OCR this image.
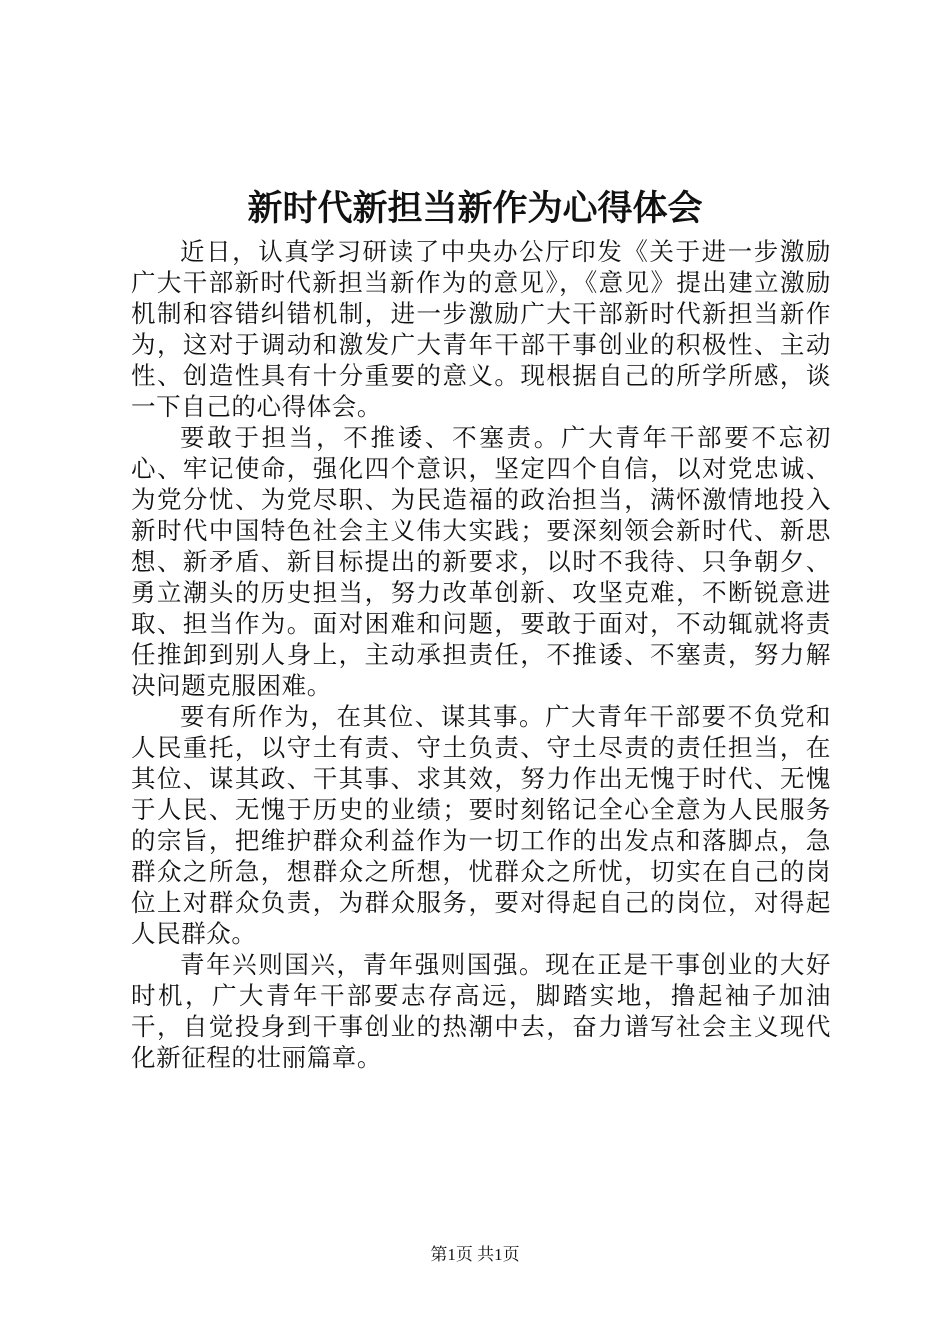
新时代新担当新作为心得体会

近日，认真学习研读了中央办公厅印发《关于进一步激励广大干部新时代新担当新作为的意见》，《意见》提出建立激励机制和容错纠错机制，进一步激励广大干部新时代新担当新作为，这对于调动和激发广大青年干部干事创业的积极性、主动性、创造性具有十分重要的意义。现根据自己的所学所感，谈一下自己的心得体会。

要敢于担当，不推诿、不塞责。广大青年干部要不忘初心、牢记使命，强化四个意识，坚定四个自信，以对党忠诚、为党分忧、为党尽职、为民造福的政治担当，满怀激情地投入新时代中国特色社会主义伟大实践；要深刻领会新时代、新思想、新矛盾、新目标提出的新要求，以时不我待、只争朝夕、勇立潮头的历史担当，努力改革创新、攻坚克难，不断锐意进取、担当作为。面对困难和问题，要敢于面对，不动辄就将责任推卸到别人身上，主动承担责任，不推诿、不塞责，努力解决问题克服困难。

要有所作为，在其位、谋其事。广大青年干部要不负党和人民重托，以守土有责、守土负责、守土尽责的责任担当，在其位、谋其政、干其事、求其效，努力作出无愧于时代、无愧于人民、无愧于历史的业绩；要时刻铭记全心全意为人民服务的宗旨，把维护群众利益作为一切工作的出发点和落脚点，急群众之所急，想群众之所想，忧群众之所忧，切实在自己的岗位上对群众负责，为群众服务，要对得起自己的岗位，对得起人民群众。

青年兴则国兴，青年强则国强。现在正是干事创业的大好时机，广大青年干部要志存高远，脚踏实地，撸起袖子加油干，自觉投身到干事创业的热潮中去，奋力谱写社会主义现代化新征程的壮丽篇章。

第1页 共1页
